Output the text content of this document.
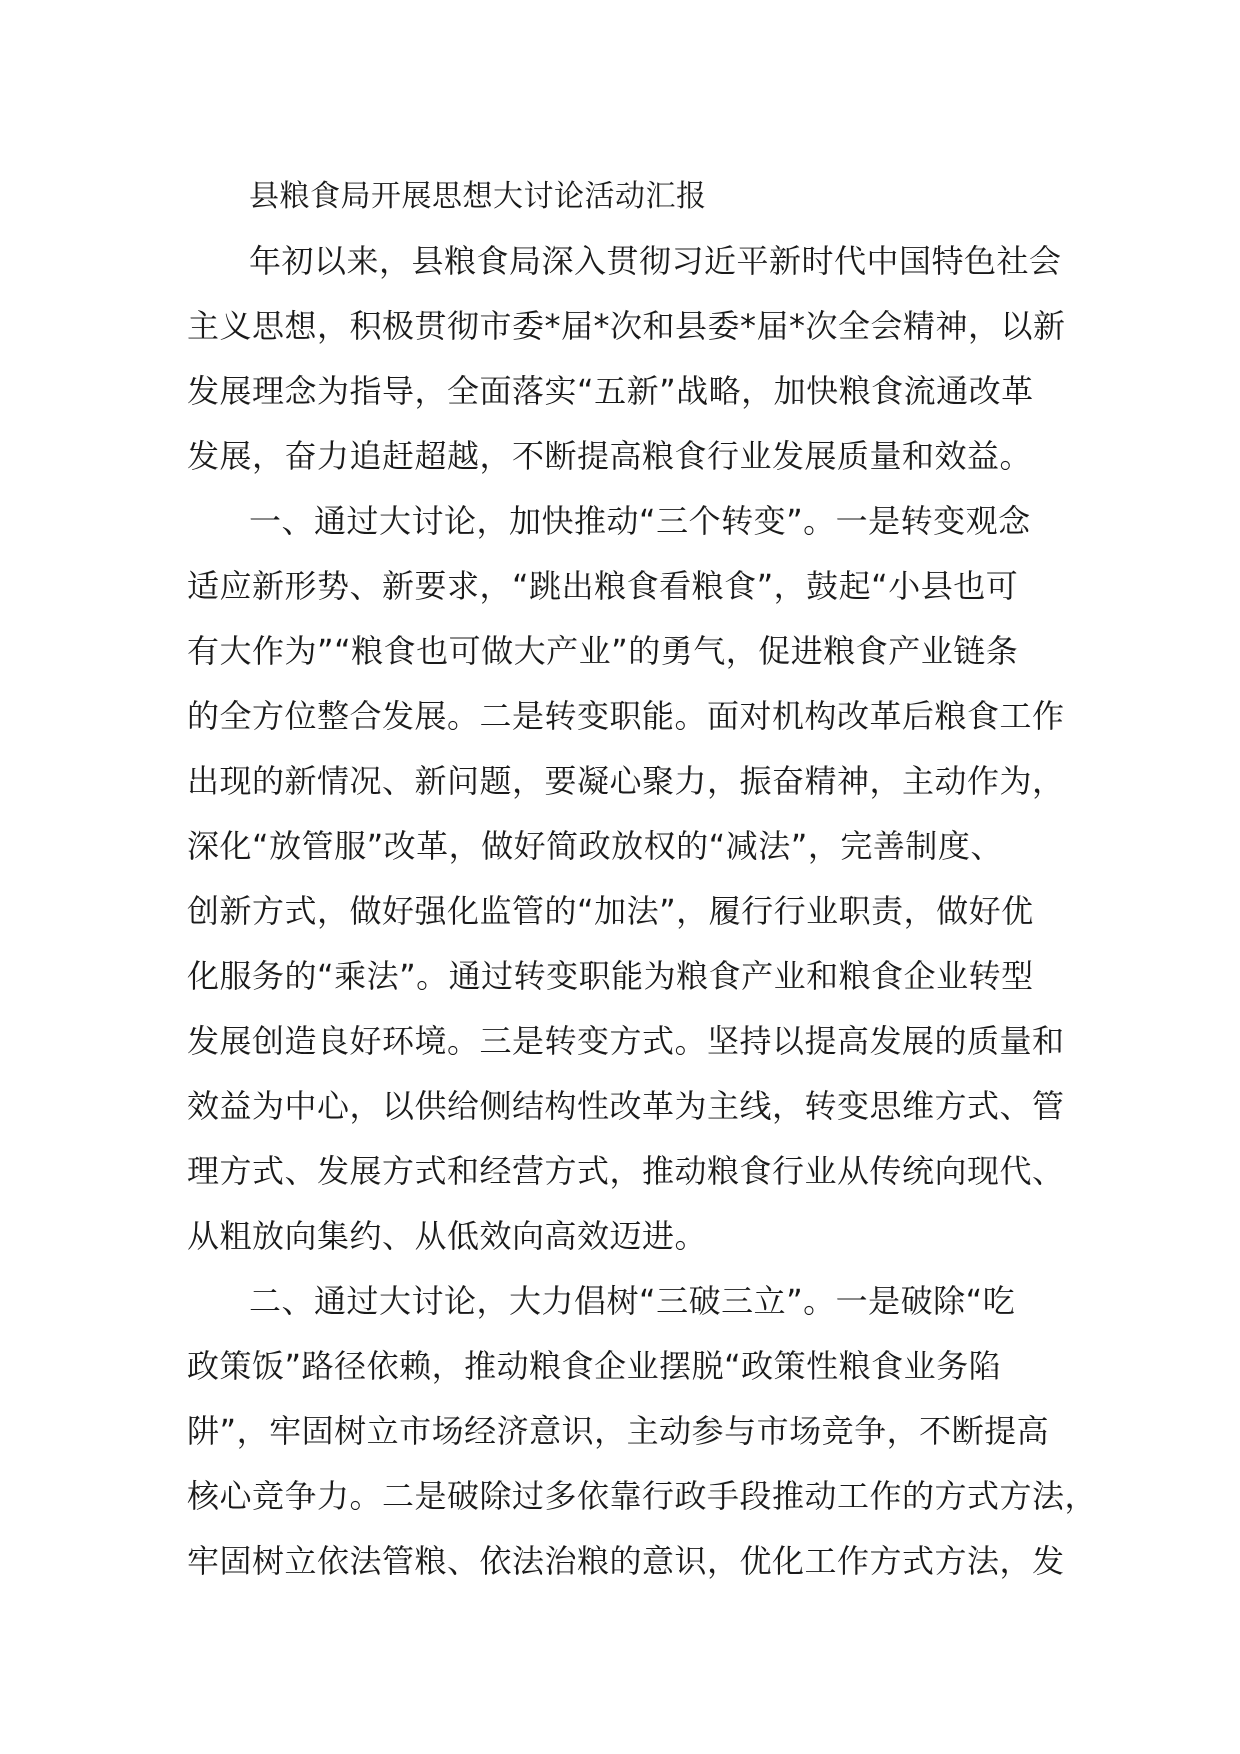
县粮食局开展思想大讨论活动汇报
年初以来，县粮食局深入贯彻习近平新时代中国特色社会
主义思想，积极贯彻市委*届*次和县委*届*次全会精神，以新
发展理念为指导，全面落实“五新”战略，加快粮食流通改革
发展，奋力追赶超越，不断提高粮食行业发展质量和效益。
一、通过大讨论，加快推动“三个转变”。一是转变观念
适应新形势、新要求，“跳出粮食看粮食”，鼓起“小县也可
有大作为”“粮食也可做大产业”的勇气，促进粮食产业链条
的全方位整合发展。二是转变职能。面对机构改革后粮食工作
出现的新情况、新问题，要凝心聚力，振奋精神，主动作为，
深化“放管服”改革，做好简政放权的“减法”，完善制度、
创新方式，做好强化监管的“加法”，履行行业职责，做好优
化服务的“乘法”。通过转变职能为粮食产业和粮食企业转型
发展创造良好环境。三是转变方式。坚持以提高发展的质量和
效益为中心，以供给侧结构性改革为主线，转变思维方式、管
理方式、发展方式和经营方式，推动粮食行业从传统向现代、
从粗放向集约、从低效向高效迈进。
二、通过大讨论，大力倡树“三破三立”。一是破除“吃
政策饭”路径依赖，推动粮食企业摆脱“政策性粮食业务陷
阱”，牢固树立市场经济意识，主动参与市场竞争，不断提高
核心竞争力。二是破除过多依靠行政手段推动工作的方式方法，
牢固树立依法管粮、依法治粮的意识，优化工作方式方法，发
